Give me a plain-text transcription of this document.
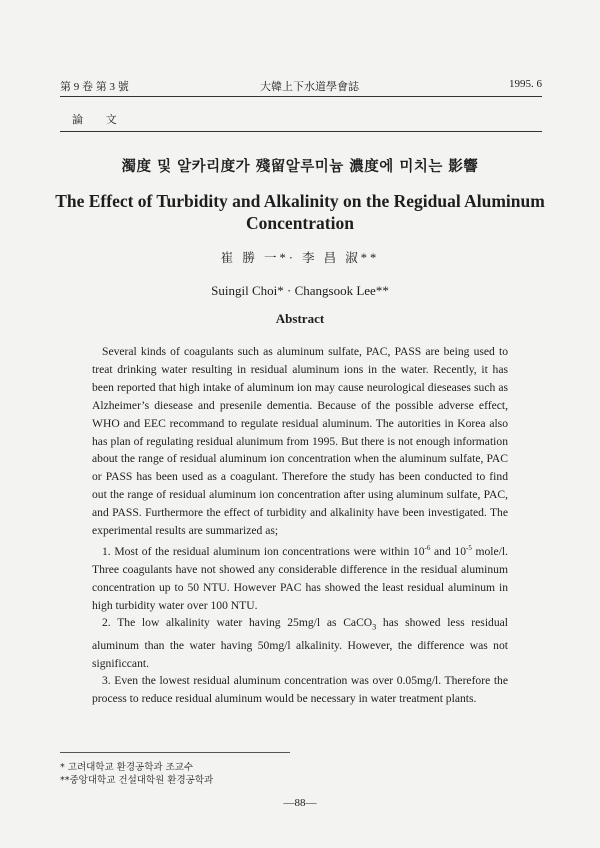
第 9 卷 第 3 號	大韓上下水道學會誌	1995. 6
論 文
濁度 및 알카리度가 殘留알루미늄 濃度에 미치는 影響
The Effect of Turbidity and Alkalinity on the Regidual Aluminum Concentration
崔 勝 一*· 李 昌 淑**
Suingil Choi* · Changsook Lee**
Abstract

Several kinds of coagulants such as aluminum sulfate, PAC, PASS are being used to treat drinking water resulting in residual aluminum ions in the water. Recently, it has been reported that high intake of aluminum ion may cause neurological dieseases such as Alzheimer’s diesease and presenile dementia. Because of the possible adverse effect, WHO and EEC recommand to regulate residual aluminum. The autorities in Korea also has plan of regulating residual alunimum from 1995. But there is not enough information about the range of residual aluminum ion concentration when the aluminum sulfate, PAC or PASS has been used as a coagulant. Therefore the study has been conducted to find out the range of residual aluminum ion concentration after using aluminum sulfate, PAC, and PASS. Furthermore the effect of turbidity and alkalinity have been investigated. The experimental results are summarized as;

1. Most of the residual aluminum ion concentrations were within $10^{-6}$ and $10^{-5}$ mole/l. Three coagulants have not showed any considerable difference in the residual aluminum concentration up to 50 NTU. However PAC has showed the least residual aluminum in high turbidity water over 100 NTU.

2. The low alkalinity water having 25mg/l as CaCO$_3$ has showed less residual aluminum than the water having 50mg/l alkalinity. However, the difference was not significcant.

3. Even the lowest residual aluminum concentration was over 0.05mg/l. Therefore the process to reduce residual aluminum would be necessary in water treatment plants.

* 고려대학교 환경공학과 조교수
**중앙대학교 건설대학원 환경공학과
—88—
